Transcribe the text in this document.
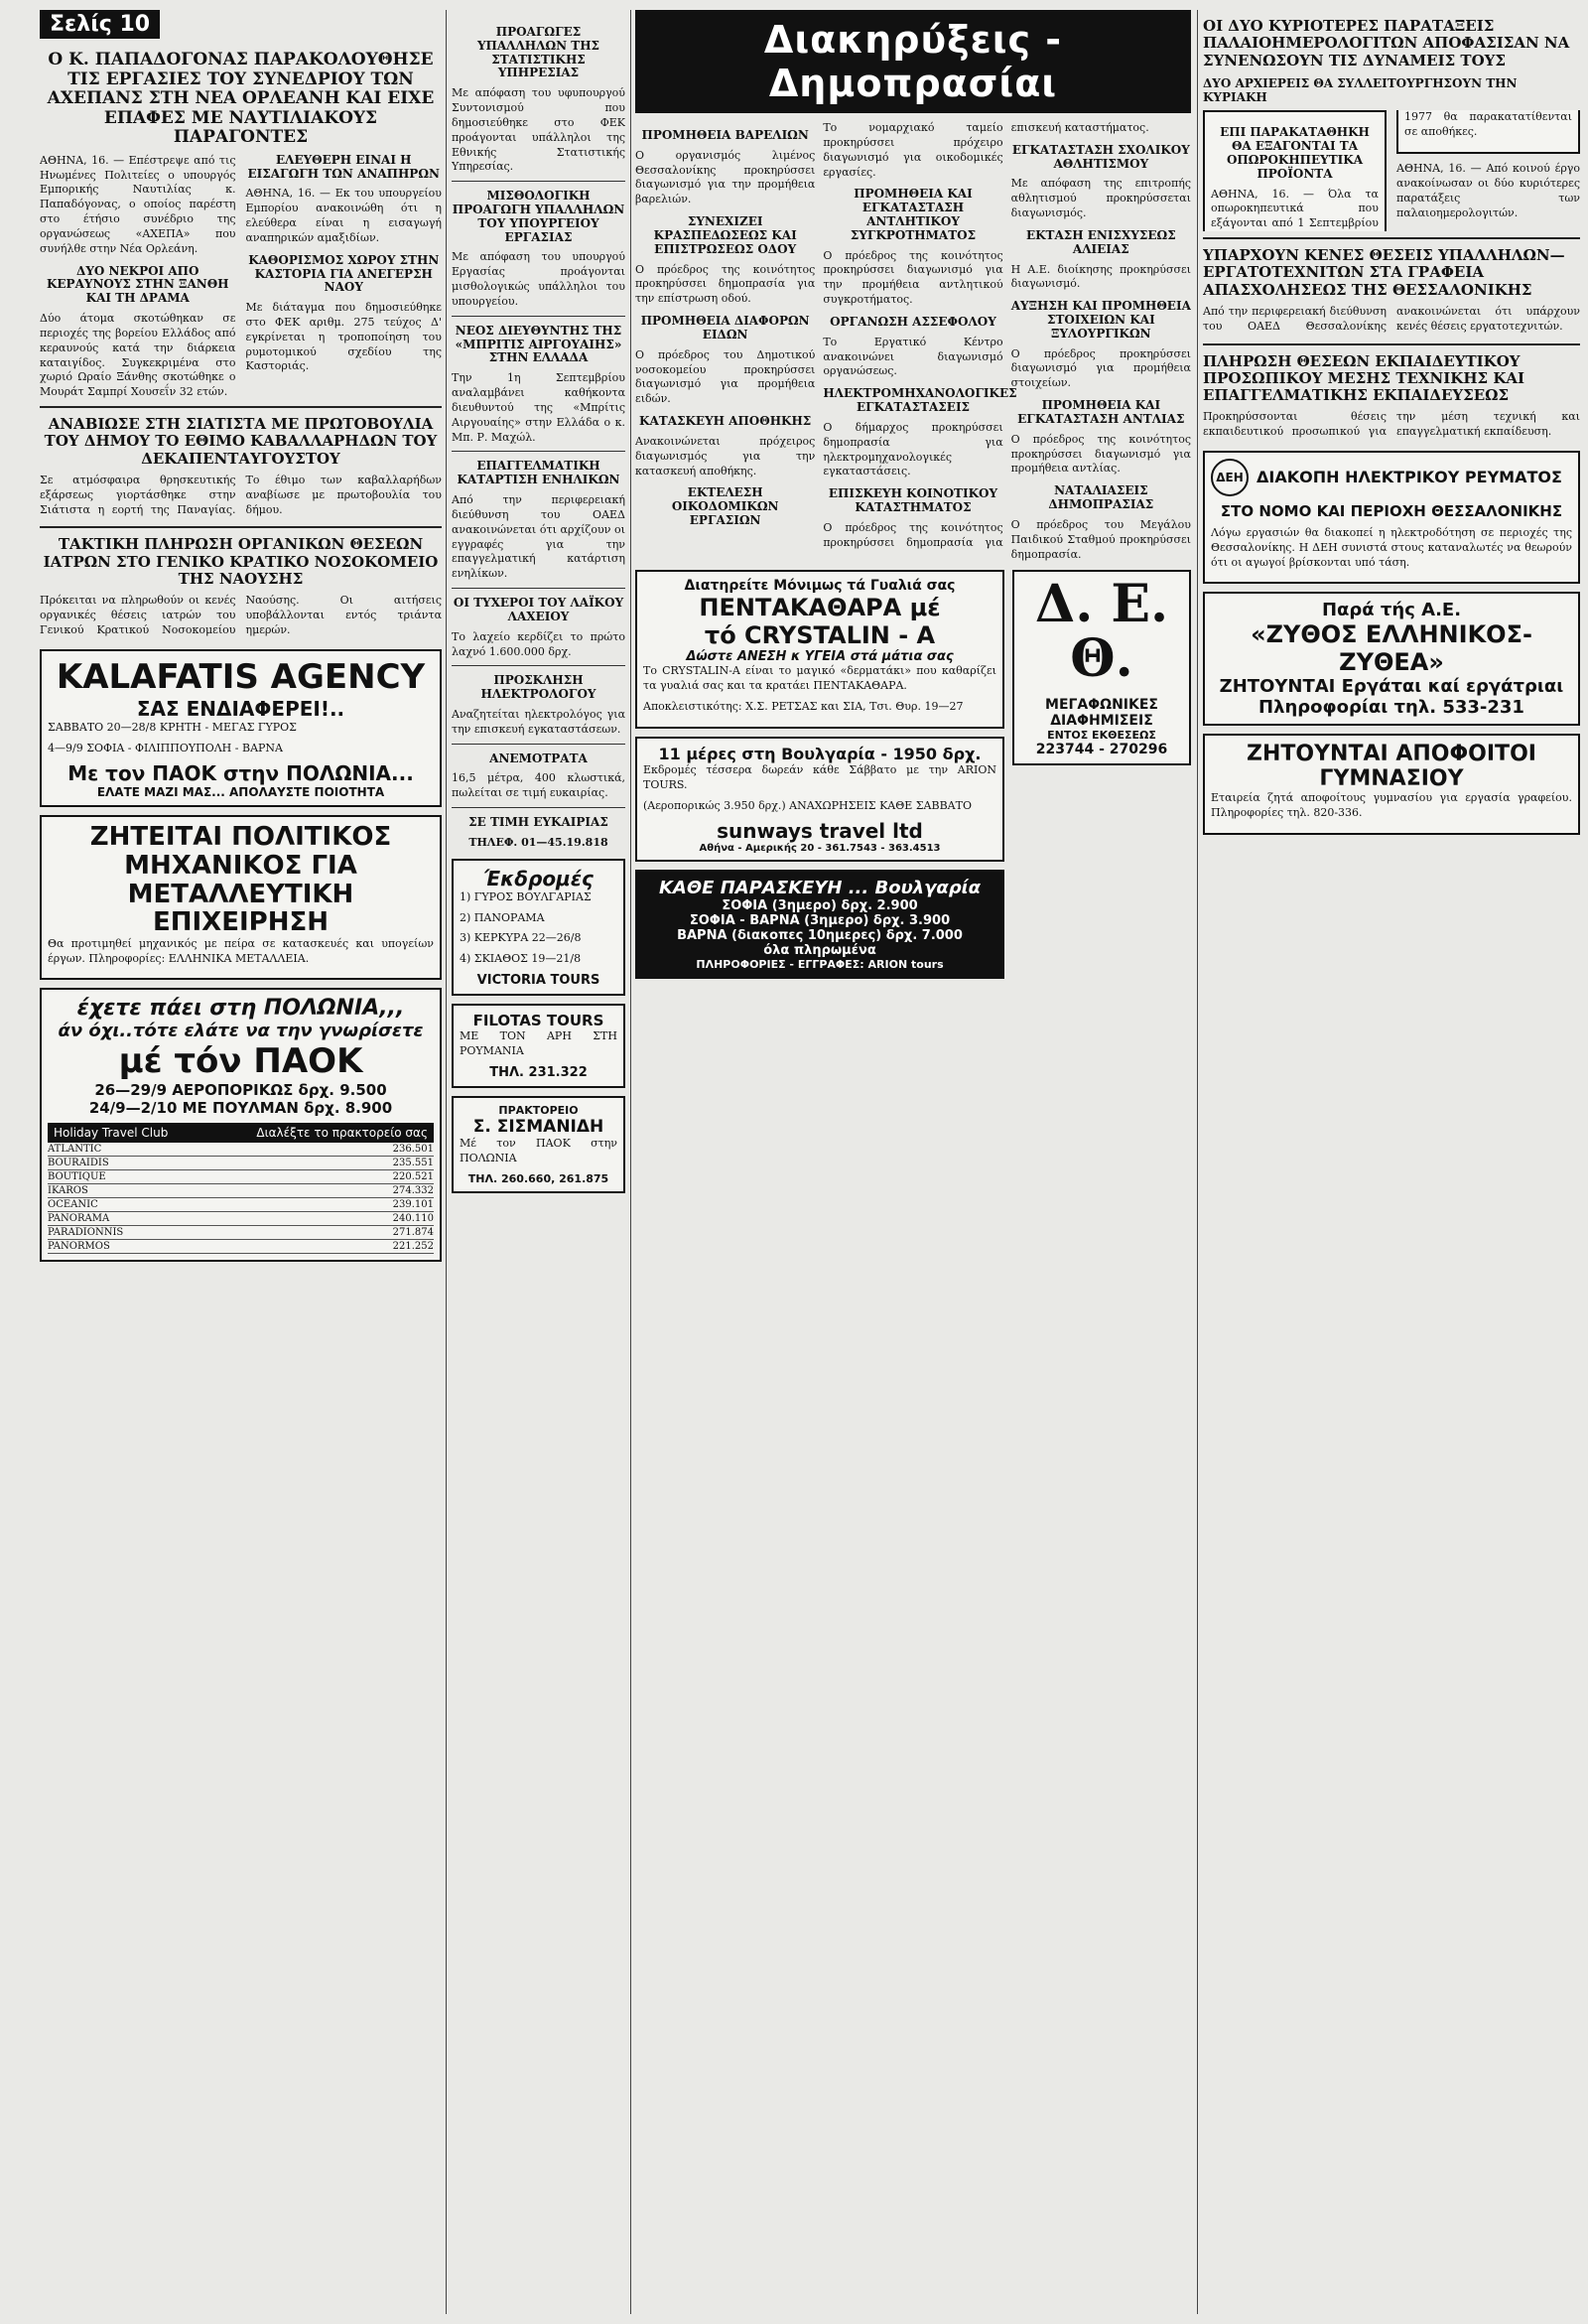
Σελίς 10
Ο Κ. ΠΑΠΑΔΟΓΟΝΑΣ ΠΑΡΑΚΟΛΟΥΘΗΣΕ ΤΙΣ ΕΡΓΑΣΙΕΣ ΤΟΥ ΣΥΝΕΔΡΙΟΥ ΤΩΝ ΑΧΕΠΑΝΣ ΣΤΗ ΝΕΑ ΟΡΛΕΑΝΗ ΚΑΙ ΕΙΧΕ ΕΠΑΦΕΣ ΜΕ ΝΑΥΤΙΛΙΑΚΟΥΣ ΠΑΡΑΓΟΝΤΕΣ

ΑΘΗΝΑ, 16. — Επέστρεψε από τις Ηνωμένες Πολιτείες ο υπουργός Εμπορικής Ναυτιλίας κ. Παπαδόγονας, ο οποίος παρέστη στο έτήσιο συνέδριο της οργανώσεως «ΑΧΕΠΑ» που συνήλθε στην Νέα Ορλεάνη.

ΔΥΟ ΝΕΚΡΟΙ ΑΠΟ ΚΕΡΑΥΝΟΥΣ ΣΤΗΝ ΞΑΝΘΗ ΚΑΙ ΤΗ ΔΡΑΜΑ

Δύο άτομα σκοτώθηκαν σε περιοχές της βορείου Ελλάδος από κεραυνούς κατά την διάρκεια καταιγίδος. Συγκεκριμένα στο χωριό Ωραίο Ξάνθης σκοτώθηκε ο Μουράτ Σαμπρί Χουσεΐν 32 ετών.

ΕΛΕΥΘΕΡΗ ΕΙΝΑΙ Η ΕΙΣΑΓΩΓΗ ΤΩΝ ΑΝΑΠΗΡΩΝ

ΑΘΗΝΑ, 16. — Εκ του υπουργείου Εμπορίου ανακοινώθη ότι η ελεύθερα είναι η εισαγωγή αναπηρικών αμαξιδίων.

ΚΑΘΟΡΙΣΜΟΣ ΧΩΡΟΥ ΣΤΗΝ ΚΑΣΤΟΡΙΑ ΓΙΑ ΑΝΕΓΕΡΣΗ ΝΑΟΥ

Με διάταγμα που δημοσιεύθηκε στο ΦΕΚ αριθμ. 275 τεύχος Δ' εγκρίνεται η τροποποίηση του ρυμοτομικού σχεδίου της Καστοριάς.

ΑΝΑΒΙΩΣΕ ΣΤΗ ΣΙΑΤΙΣΤΑ ΜΕ ΠΡΩΤΟΒΟΥΛΙΑ ΤΟΥ ΔΗΜΟΥ ΤΟ ΕΘΙΜΟ ΚΑΒΑΛΛΑΡΗΔΩΝ ΤΟΥ ΔΕΚΑΠΕΝΤΑΥΓΟΥΣΤΟΥ

Σε ατμόσφαιρα θρησκευτικής εξάρσεως γιορτάσθηκε στην Σιάτιστα η εορτή της Παναγίας. Το έθιμο των καβαλλαρήδων αναβίωσε με πρωτοβουλία του δήμου.

ΤΑΚΤΙΚΗ ΠΛΗΡΩΣΗ ΟΡΓΑΝΙΚΩΝ ΘΕΣΕΩΝ ΙΑΤΡΩΝ ΣΤΟ ΓΕΝΙΚΟ ΚΡΑΤΙΚΟ ΝΟΣΟΚΟΜΕΙΟ ΤΗΣ ΝΑΟΥΣΗΣ

Πρόκειται να πληρωθούν οι κενές οργανικές θέσεις ιατρών του Γενικού Κρατικού Νοσοκομείου Ναούσης. Οι αιτήσεις υποβάλλονται εντός τριάντα ημερών.

KALAFATIS AGENCY
ΣΑΣ ΕΝΔΙΑΦΕΡΕΙ!..

ΣΑΒΒΑΤΟ 20—28/8 ΚΡΗΤΗ - ΜΕΓΑΣ ΓΥΡΟΣ

4—9/9 ΣΟΦΙΑ - ΦΙΛΙΠΠΟΥΠΟΛΗ - ΒΑΡΝΑ

Με τον ΠΑΟΚ στην ΠΟΛΩΝΙΑ...
ΕΛΑΤΕ ΜΑΖΙ ΜΑΣ... ΑΠΟΛΑΥΣΤΕ ΠΟΙΟΤΗΤΑ
ΖΗΤΕΙΤΑΙ ΠΟΛΙΤΙΚΟΣ ΜΗΧΑΝΙΚΟΣ ΓΙΑ ΜΕΤΑΛΛΕΥΤΙΚΗ ΕΠΙΧΕΙΡΗΣΗ

Θα προτιμηθεί μηχανικός με πείρα σε κατασκευές και υπογείων έργων. Πληροφορίες: ΕΛΛΗΝΙΚΑ ΜΕΤΑΛΛΕΙΑ.

έχετε πάει στη ΠΟΛΩΝΙΑ,,,
άν όχι..τότε ελάτε να την γνωρίσετε
μέ τόν ΠΑΟΚ
26—29/9 ΑΕΡΟΠΟΡΙΚΩΣ δρχ. 9.500
24/9—2/10 ΜΕ ΠΟΥΛΜΑΝ δρχ. 8.900
Holiday Travel Club	Διαλέξτε το πρακτορείο σας
ATLANTIC	236.501
BOURAIDIS	235.551
BOUTIQUE	220.521
IKAROS	274.332
OCEANIC	239.101
PANORAMA	240.110
PARADIONNIS	271.874
PANORMOS	221.252
ΠΡΟΑΓΩΓΕΣ ΥΠΑΛΛΗΛΩΝ ΤΗΣ ΣΤΑΤΙΣΤΙΚΗΣ ΥΠΗΡΕΣΙΑΣ

Με απόφαση του υφυπουργού Συντονισμού που δημοσιεύθηκε στο ΦΕΚ προάγονται υπάλληλοι της Εθνικής Στατιστικής Υπηρεσίας.

ΜΙΣΘΟΛΟΓΙΚΗ ΠΡΟΑΓΩΓΗ ΥΠΑΛΛΗΛΩΝ ΤΟΥ ΥΠΟΥΡΓΕΙΟΥ ΕΡΓΑΣΙΑΣ

Με απόφαση του υπουργού Εργασίας προάγονται μισθολογικώς υπάλληλοι του υπουργείου.

ΝΕΟΣ ΔΙΕΥΘΥΝΤΗΣ ΤΗΣ «ΜΠΡΙΤΙΣ ΑΙΡΓΟΥΑΙΗΣ» ΣΤΗΝ ΕΛΛΑΔΑ

Την 1η Σεπτεμβρίου αναλαμβάνει καθήκοντα διευθυντού της «Μπρίτις Αιργουαίης» στην Ελλάδα ο κ. Μπ. Ρ. Μαχώλ.

ΕΠΑΓΓΕΛΜΑΤΙΚΗ ΚΑΤΑΡΤΙΣΗ ΕΝΗΛΙΚΩΝ

Από την περιφερειακή διεύθυνση του ΟΑΕΔ ανακοινώνεται ότι αρχίζουν οι εγγραφές για την επαγγελματική κατάρτιση ενηλίκων.

ΟΙ ΤΥΧΕΡΟΙ ΤΟΥ ΛΑΪΚΟΥ ΛΑΧΕΙΟΥ

Το λαχείο κερδίζει το πρώτο λαχνό 1.600.000 δρχ.

ΠΡΟΣΚΛΗΣΗ ΗΛΕΚΤΡΟΛΟΓΟΥ

Αναζητείται ηλεκτρολόγος για την επισκευή εγκαταστάσεων.

ΑΝΕΜΟΤΡΑΤΑ

16,5 μέτρα, 400 κλωστικά, πωλείται σε τιμή ευκαιρίας.

ΣΕ ΤΙΜΗ ΕΥΚΑΙΡΙΑΣ

ΤΗΛΕΦ. 01—45.19.818

Έκδρομές

1) ΓΥΡΟΣ ΒΟΥΛΓΑΡΙΑΣ

2) ΠΑΝΟΡΑΜΑ

3) ΚΕΡΚΥΡΑ 22—26/8

4) ΣΚΙΑΘΟΣ 19—21/8

VICTORIA TOURS
FILOTAS TOURS

ΜΕ ΤΟΝ ΑΡΗ ΣΤΗ ΡΟΥΜΑΝΙΑ

ΤΗΛ. 231.322
ΠΡΑΚΤΟΡΕΙΟ
Σ. ΣΙΣΜΑΝΙΔΗ

Μέ τον ΠΑΟΚ στην ΠΟΛΩΝΙΑ

ΤΗΛ. 260.660, 261.875
Διακηρύξεις - Δημοπρασίαι
ΠΡΟΜΗΘΕΙΑ ΒΑΡΕΛΙΩΝ

Ο οργανισμός λιμένος Θεσσαλονίκης προκηρύσσει διαγωνισμό για την προμήθεια βαρελιών.

ΣΥΝΕΧΙΖΕΙ ΚΡΑΣΠΕΔΩΣΕΩΣ ΚΑΙ ΕΠΙΣΤΡΩΣΕΩΣ ΟΔΟΥ

Ο πρόεδρος της κοινότητος προκηρύσσει δημοπρασία για την επίστρωση οδού.

ΠΡΟΜΗΘΕΙΑ ΔΙΑΦΟΡΩΝ ΕΙΔΩΝ

Ο πρόεδρος του Δημοτικού νοσοκομείου προκηρύσσει διαγωνισμό για προμήθεια ειδών.

ΚΑΤΑΣΚΕΥΗ ΑΠΟΘΗΚΗΣ

Ανακοινώνεται πρόχειρος διαγωνισμός για την κατασκευή αποθήκης.

ΕΚΤΕΛΕΣΗ ΟΙΚΟΔΟΜΙΚΩΝ ΕΡΓΑΣΙΩΝ

Το νομαρχιακό ταμείο προκηρύσσει πρόχειρο διαγωνισμό για οικοδομικές εργασίες.

ΠΡΟΜΗΘΕΙΑ ΚΑΙ ΕΓΚΑΤΑΣΤΑΣΗ ΑΝΤΛΗΤΙΚΟΥ ΣΥΓΚΡΟΤΗΜΑΤΟΣ

Ο πρόεδρος της κοινότητος προκηρύσσει διαγωνισμό για την προμήθεια αντλητικού συγκροτήματος.

ΟΡΓΑΝΩΣΗ ΑΣΣΕΦΟΛΟΥ

Το Εργατικό Κέντρο ανακοινώνει διαγωνισμό οργανώσεως.

ΗΛΕΚΤΡΟΜΗΧΑΝΟΛΟΓΙΚΕΣ ΕΓΚΑΤΑΣΤΑΣΕΙΣ

Ο δήμαρχος προκηρύσσει δημοπρασία για ηλεκτρομηχανολογικές εγκαταστάσεις.

ΕΠΙΣΚΕΥΗ ΚΟΙΝΟΤΙΚΟΥ ΚΑΤΑΣΤΗΜΑΤΟΣ

Ο πρόεδρος της κοινότητος προκηρύσσει δημοπρασία για επισκευή καταστήματος.

ΕΓΚΑΤΑΣΤΑΣΗ ΣΧΟΛΙΚΟΥ ΑΘΛΗΤΙΣΜΟΥ

Με απόφαση της επιτροπής αθλητισμού προκηρύσσεται διαγωνισμός.

ΕΚΤΑΣΗ ΕΝΙΣΧΥΣΕΩΣ ΑΛΙΕΙΑΣ

Η Α.Ε. διοίκησης προκηρύσσει διαγωνισμό.

ΑΥΞΗΣΗ ΚΑΙ ΠΡΟΜΗΘΕΙΑ ΣΤΟΙΧΕΙΩΝ ΚΑΙ ΞΥΛΟΥΡΓΙΚΩΝ

Ο πρόεδρος προκηρύσσει διαγωνισμό για προμήθεια στοιχείων.

ΠΡΟΜΗΘΕΙΑ ΚΑΙ ΕΓΚΑΤΑΣΤΑΣΗ ΑΝΤΛΙΑΣ

Ο πρόεδρος της κοινότητος προκηρύσσει διαγωνισμό για προμήθεια αντλίας.

ΝΑΤΑΛΙΑΣΕΙΣ ΔΗΜΟΠΡΑΣΙΑΣ

Ο πρόεδρος του Μεγάλου Παιδικού Σταθμού προκηρύσσει δημοπρασία.

Διατηρείτε Μόνιμως τά Γυαλιά σας
ΠΕΝΤΑΚΑΘΑΡΑ μέ
τό CRYSTALIN - A
Δώστε ΑΝΕΣΗ κ ΥΓΕΙΑ στά μάτια σας

Το CRYSTALIN-A είναι το μαγικό «δερματάκι» που καθαρίζει τα γυαλιά σας και τα κρατάει ΠΕΝΤΑΚΑΘΑΡΑ.

Αποκλειστικότης: Χ.Σ. ΡΕΤΣΑΣ και ΣΙΑ, Τσι. Θυρ. 19—27

11 μέρες στη Βουλγαρία - 1950 δρχ.

Εκδρομές τέσσερα δωρεάν κάθε Σάββατο με την ARION TOURS.

(Αεροπορικώς 3.950 δρχ.) ΑΝΑΧΩΡΗΣΕΙΣ ΚΑΘΕ ΣΑΒΒΑΤΟ

sunways travel ltd
Αθήνα - Αμερικής 20 - 361.7543 - 363.4513
ΚΑΘΕ ΠΑΡΑΣΚΕΥΗ ... Βουλγαρία
ΣΟΦΙΑ (3ημερο) δρχ. 2.900
ΣΟΦΙΑ - ΒΑΡΝΑ (3ημερο) δρχ. 3.900
ΒΑΡΝΑ (διακοπες 10ημερες) δρχ. 7.000
όλα πληρωμένα
ΠΛΗΡΟΦΟΡΙΕΣ - ΕΓΓΡΑΦΕΣ: ARION tours
Δ. Ε. Θ.
ΜΕΓΑΦΩΝΙΚΕΣ ΔΙΑΦΗΜΙΣΕΙΣ
ΕΝΤΟΣ ΕΚΘΕΣΕΩΣ
223744 - 270296
ΟΙ ΔΥΟ ΚΥΡΙΟΤΕΡΕΣ ΠΑΡΑΤΑΞΕΙΣ ΠΑΛΑΙΟΗΜΕΡΟΛΟΓΙΤΩΝ ΑΠΟΦΑΣΙΣΑΝ ΝΑ ΣΥΝΕΝΩΣΟΥΝ ΤΙΣ ΔΥΝΑΜΕΙΣ ΤΟΥΣ
ΔΥΟ ΑΡΧΙΕΡΕΙΣ ΘΑ ΣΥΛΛΕΙΤΟΥΡΓΗΣΟΥΝ ΤΗΝ ΚΥΡΙΑΚΗ
ΕΠΙ ΠΑΡΑΚΑΤΑΘΗΚΗ ΘΑ ΕΞΑΓΟΝΤΑΙ ΤΑ ΟΠΩΡΟΚΗΠΕΥΤΙΚΑ ΠΡΟΪΟΝΤΑ

ΑΘΗΝΑ, 16. — Όλα τα οπωροκηπευτικά που εξάγονται από 1 Σεπτεμβρίου 1977 θα παρακατατίθενται σε αποθήκες.

ΑΘΗΝΑ, 16. — Από κοινού έργο ανακοίνωσαν οι δύο κυριότερες παρατάξεις των παλαιοημερολογιτών.

ΥΠΑΡΧΟΥΝ ΚΕΝΕΣ ΘΕΣΕΙΣ ΥΠΑΛΛΗΛΩΝ—ΕΡΓΑΤΟΤΕΧΝΙΤΩΝ ΣΤΑ ΓΡΑΦΕΙΑ ΑΠΑΣΧΟΛΗΣΕΩΣ ΤΗΣ ΘΕΣΣΑΛΟΝΙΚΗΣ

Από την περιφερειακή διεύθυνση του ΟΑΕΔ Θεσσαλονίκης ανακοινώνεται ότι υπάρχουν κενές θέσεις εργατοτεχνιτών.

ΠΛΗΡΩΣΗ ΘΕΣΕΩΝ ΕΚΠΑΙΔΕΥΤΙΚΟΥ ΠΡΟΣΩΠΙΚΟΥ ΜΕΣΗΣ ΤΕΧΝΙΚΗΣ ΚΑΙ ΕΠΑΓΓΕΛΜΑΤΙΚΗΣ ΕΚΠΑΙΔΕΥΣΕΩΣ

Προκηρύσσονται θέσεις εκπαιδευτικού προσωπικού για την μέση τεχνική και επαγγελματική εκπαίδευση.

ΔΕΗ ΔΙΑΚΟΠΗ ΗΛΕΚΤΡΙΚΟΥ ΡΕΥΜΑΤΟΣ
ΣΤΟ ΝΟΜΟ ΚΑΙ ΠΕΡΙΟΧΗ ΘΕΣΣΑΛΟΝΙΚΗΣ

Λόγω εργασιών θα διακοπεί η ηλεκτροδότηση σε περιοχές της Θεσσαλονίκης. Η ΔΕΗ συνιστά στους καταναλωτές να θεωρούν ότι οι αγωγοί βρίσκονται υπό τάση.

Παρά τής Α.Ε.
«ΖΥΘΟΣ ΕΛΛΗΝΙΚΟΣ-ΖΥΘΕΑ»
ΖΗΤΟΥΝΤΑΙ Εργάται καί εργάτριαι
Πληροφορίαι τηλ. 533-231
ΖΗΤΟΥΝΤΑΙ ΑΠΟΦΟΙΤΟΙ ΓΥΜΝΑΣΙΟΥ

Εταιρεία ζητά αποφοίτους γυμνασίου για εργασία γραφείου. Πληροφορίες τηλ. 820-336.
